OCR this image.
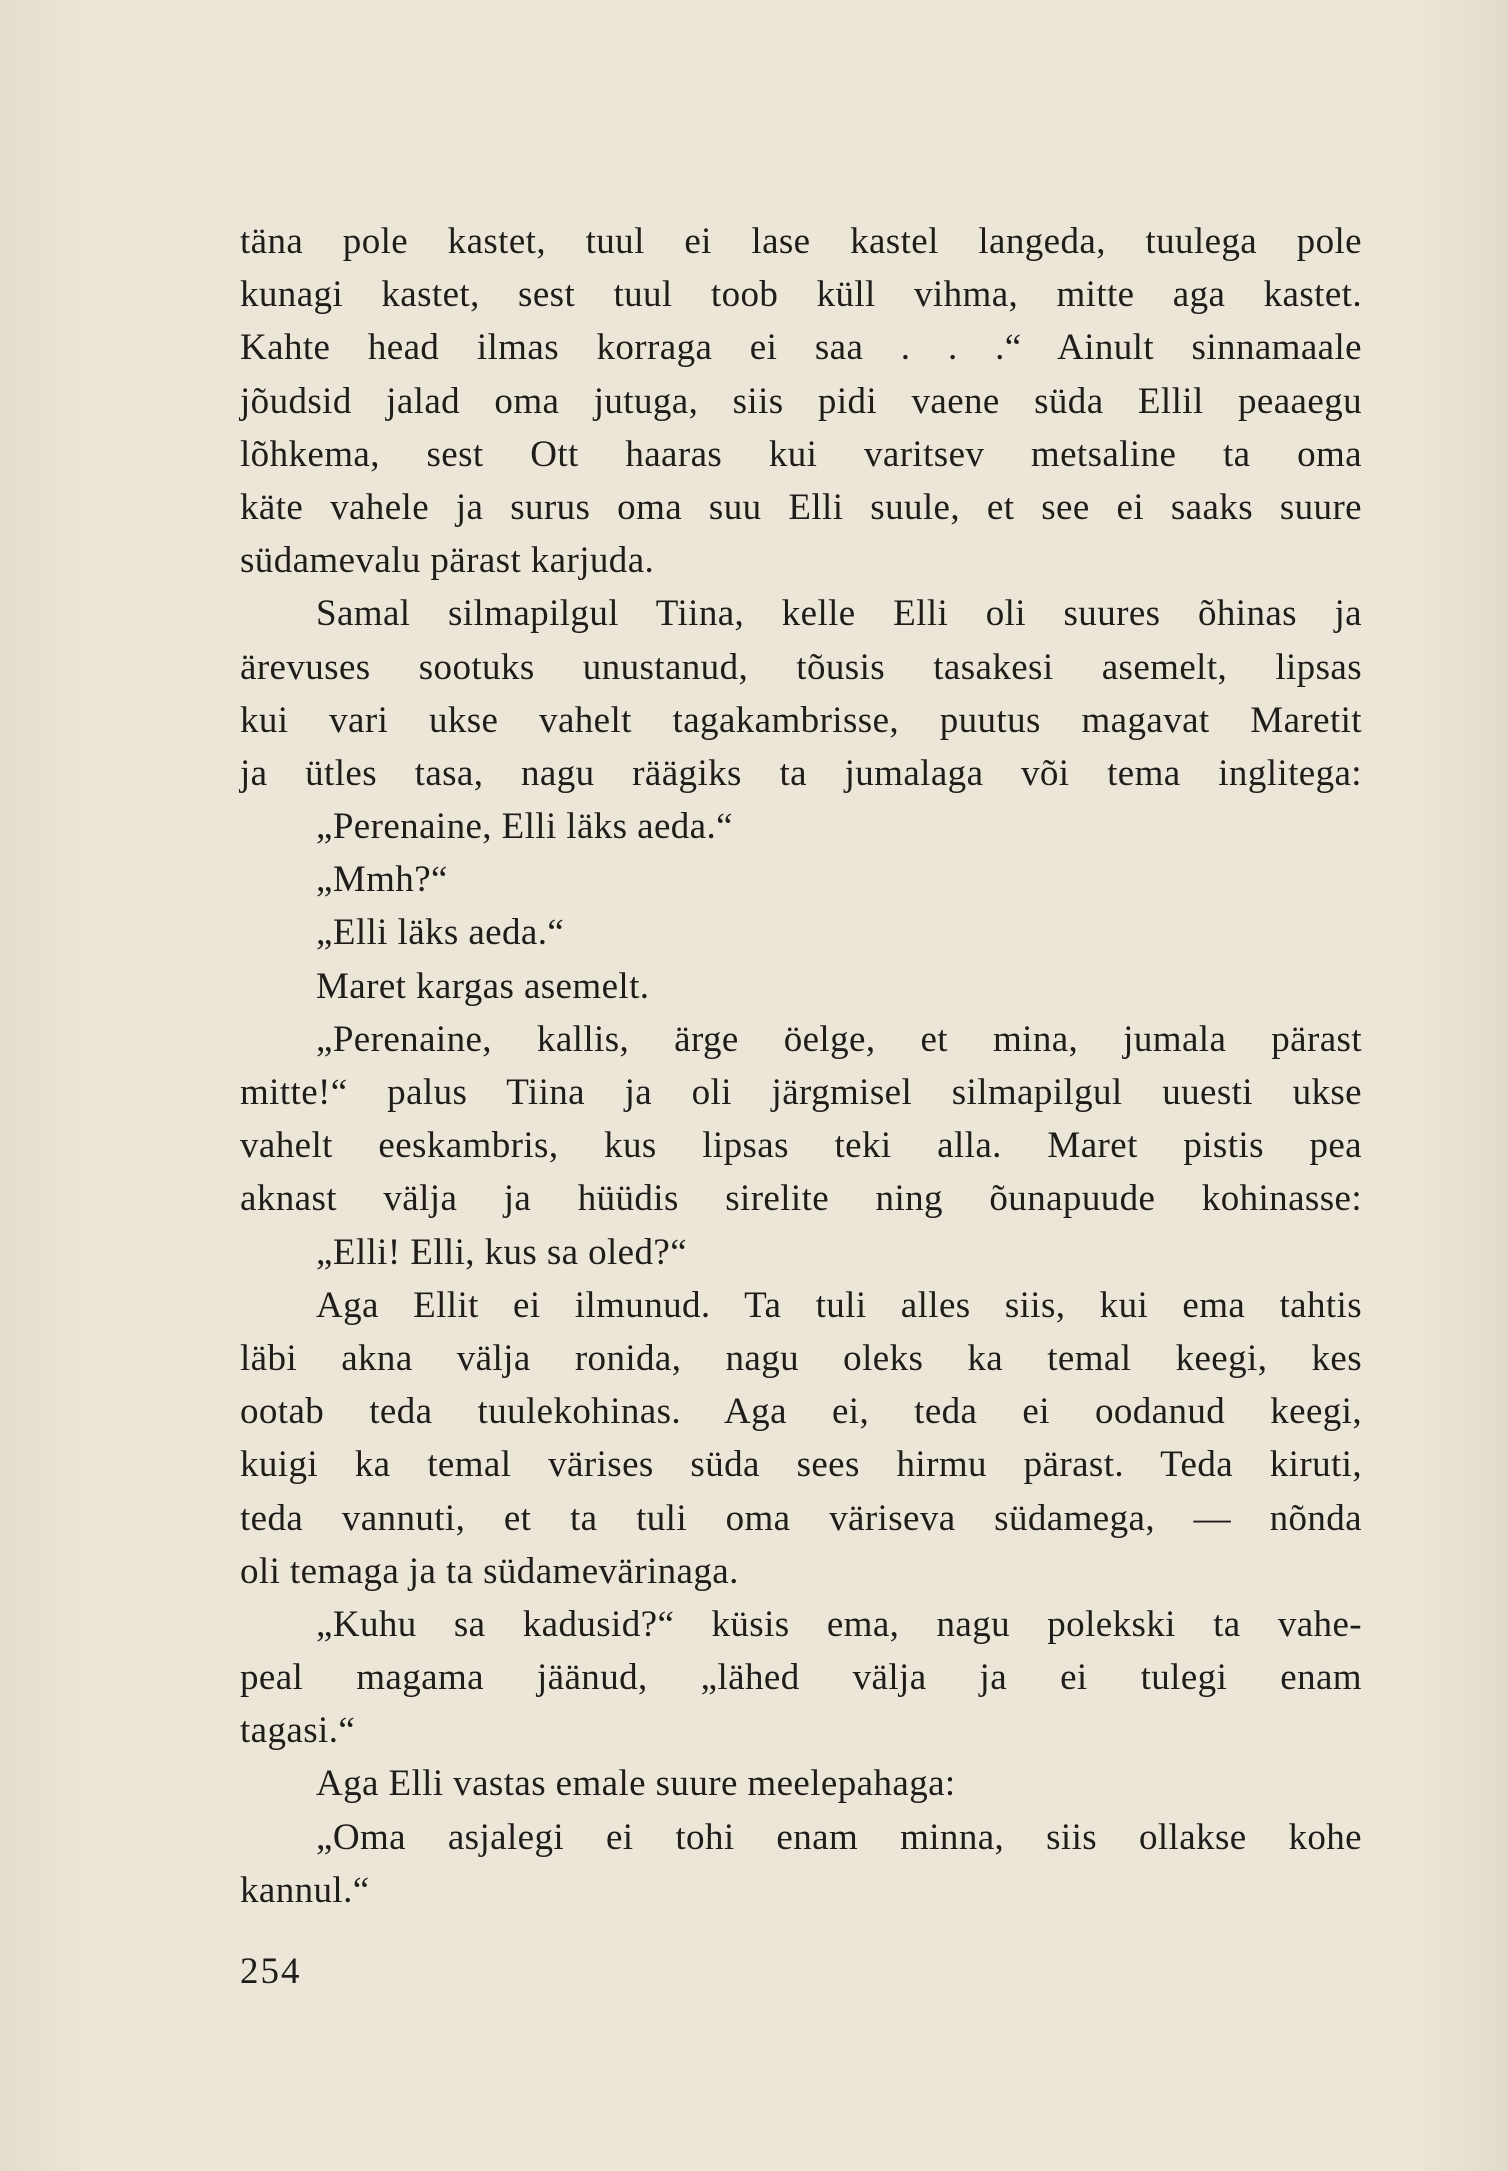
täna pole kastet, tuul ei lase kastel langeda, tuulega pole
kunagi kastet, sest tuul toob küll vihma, mitte aga kastet.
Kahte head ilmas korraga ei saa . . .“ Ainult sinnamaale
jõudsid jalad oma jutuga, siis pidi vaene süda Ellil peaaegu
lõhkema, sest Ott haaras kui varitsev metsaline ta oma
käte vahele ja surus oma suu Elli suule, et see ei saaks suure
südamevalu pärast karjuda.
Samal silmapilgul Tiina, kelle Elli oli suures õhinas ja
ärevuses sootuks unustanud, tõusis tasakesi asemelt, lipsas
kui vari ukse vahelt tagakambrisse, puutus magavat Maretit
ja ütles tasa, nagu räägiks ta jumalaga või tema inglitega:
„Perenaine, Elli läks aeda.“
„Mmh?“
„Elli läks aeda.“
Maret kargas asemelt.
„Perenaine, kallis, ärge öelge, et mina, jumala pärast
mitte!“ palus Tiina ja oli järgmisel silmapilgul uuesti ukse
vahelt eeskambris, kus lipsas teki alla. Maret pistis pea
aknast välja ja hüüdis sirelite ning õunapuude kohinasse:
„Elli! Elli, kus sa oled?“
Aga Ellit ei ilmunud. Ta tuli alles siis, kui ema tahtis
läbi akna välja ronida, nagu oleks ka temal keegi, kes
ootab teda tuulekohinas. Aga ei, teda ei oodanud keegi,
kuigi ka temal värises süda sees hirmu pärast. Teda kiruti,
teda vannuti, et ta tuli oma väriseva südamega, — nõnda
oli temaga ja ta südamevärinaga.
„Kuhu sa kadusid?“ küsis ema, nagu polekski ta vahe-
peal magama jäänud, „lähed välja ja ei tulegi enam
tagasi.“
Aga Elli vastas emale suure meelepahaga:
„Oma asjalegi ei tohi enam minna, siis ollakse kohe
kannul.“
254
